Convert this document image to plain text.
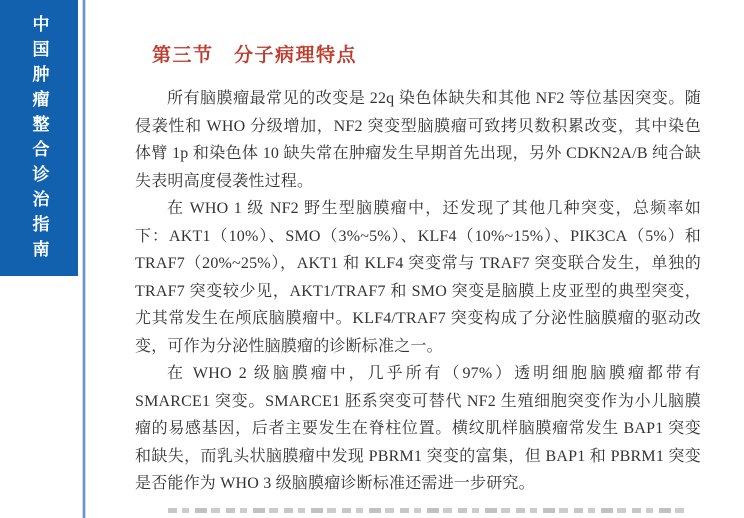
中国肿瘤整合诊治指南	第三节　分子病理特点

所有脑膜瘤最常见的改变是 22q 染色体缺失和其他 NF2 等位基因突变。随侵袭性和 WHO 分级增加，NF2 突变型脑膜瘤可致拷贝数积累改变，其中染色体臂 1p 和染色体 10 缺失常在肿瘤发生早期首先出现，另外 CDKN2A/B 纯合缺失表明高度侵袭性过程。

在 WHO 1 级 NF2 野生型脑膜瘤中，还发现了其他几种突变，总频率如下：AKT1（10%）、SMO（3%~5%）、KLF4（10%~15%）、PIK3CA（5%）和 TRAF7（20%~25%），AKT1 和 KLF4 突变常与 TRAF7 突变联合发生，单独的 TRAF7 突变较少见，AKT1/TRAF7 和 SMO 突变是脑膜上皮亚型的典型突变，尤其常发生在颅底脑膜瘤中。KLF4/TRAF7 突变构成了分泌性脑膜瘤的驱动改变，可作为分泌性脑膜瘤的诊断标准之一。

在 WHO 2 级脑膜瘤中，几乎所有（97%）透明细胞脑膜瘤都带有 SMARCE1 突变。SMARCE1 胚系突变可替代 NF2 生殖细胞突变作为小儿脑膜瘤的易感基因，后者主要发生在脊柱位置。横纹肌样脑膜瘤常发生 BAP1 突变和缺失，而乳头状脑膜瘤中发现 PBRM1 突变的富集，但 BAP1 和 PBRM1 突变是否能作为 WHO 3 级脑膜瘤诊断标准还需进一步研究。
